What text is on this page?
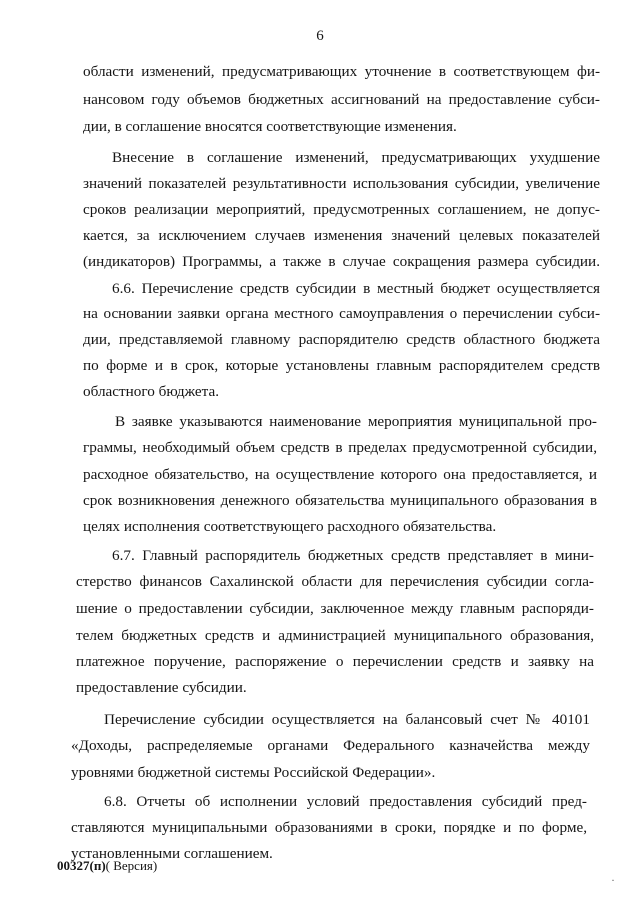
6
области изменений, предусматривающих уточнение в соответствующем фи-
нансовом году объемов бюджетных ассигнований на предоставление субси-
дии, в соглашение вносятся соответствующие изменения.
Внесение в соглашение изменений, предусматривающих ухудшение
значений показателей результативности использования субсидии, увеличение
сроков реализации мероприятий, предусмотренных соглашением, не допус-
кается, за исключением случаев изменения значений целевых показателей
(индикаторов) Программы, а также в случае сокращения размера субсидии.
6.6. Перечисление средств субсидии в местный бюджет осуществляется
на основании заявки органа местного самоуправления о перечислении субси-
дии, представляемой главному распорядителю средств областного бюджета
по форме и в срок, которые установлены главным распорядителем средств
областного бюджета.
В заявке указываются наименование мероприятия муниципальной про-
граммы, необходимый объем средств в пределах предусмотренной субсидии,
расходное обязательство, на осуществление которого она предоставляется, и
срок возникновения денежного обязательства муниципального образования в
целях исполнения соответствующего расходного обязательства.
6.7. Главный распорядитель бюджетных средств представляет в мини-
стерство финансов Сахалинской области для перечисления субсидии согла-
шение о предоставлении субсидии, заключенное между главным распоряди-
телем бюджетных средств и администрацией муниципального образования,
платежное поручение, распоряжение о перечислении средств и заявку на
предоставление субсидии.
Перечисление субсидии осуществляется на балансовый счет № 40101
«Доходы, распределяемые органами Федерального казначейства между
уровнями бюджетной системы Российской Федерации».
6.8. Отчеты об исполнении условий предоставления субсидий пред-
ставляются муниципальными образованиями в сроки, порядке и по форме,
установленными соглашением.
00327(п)( Версия)
·
